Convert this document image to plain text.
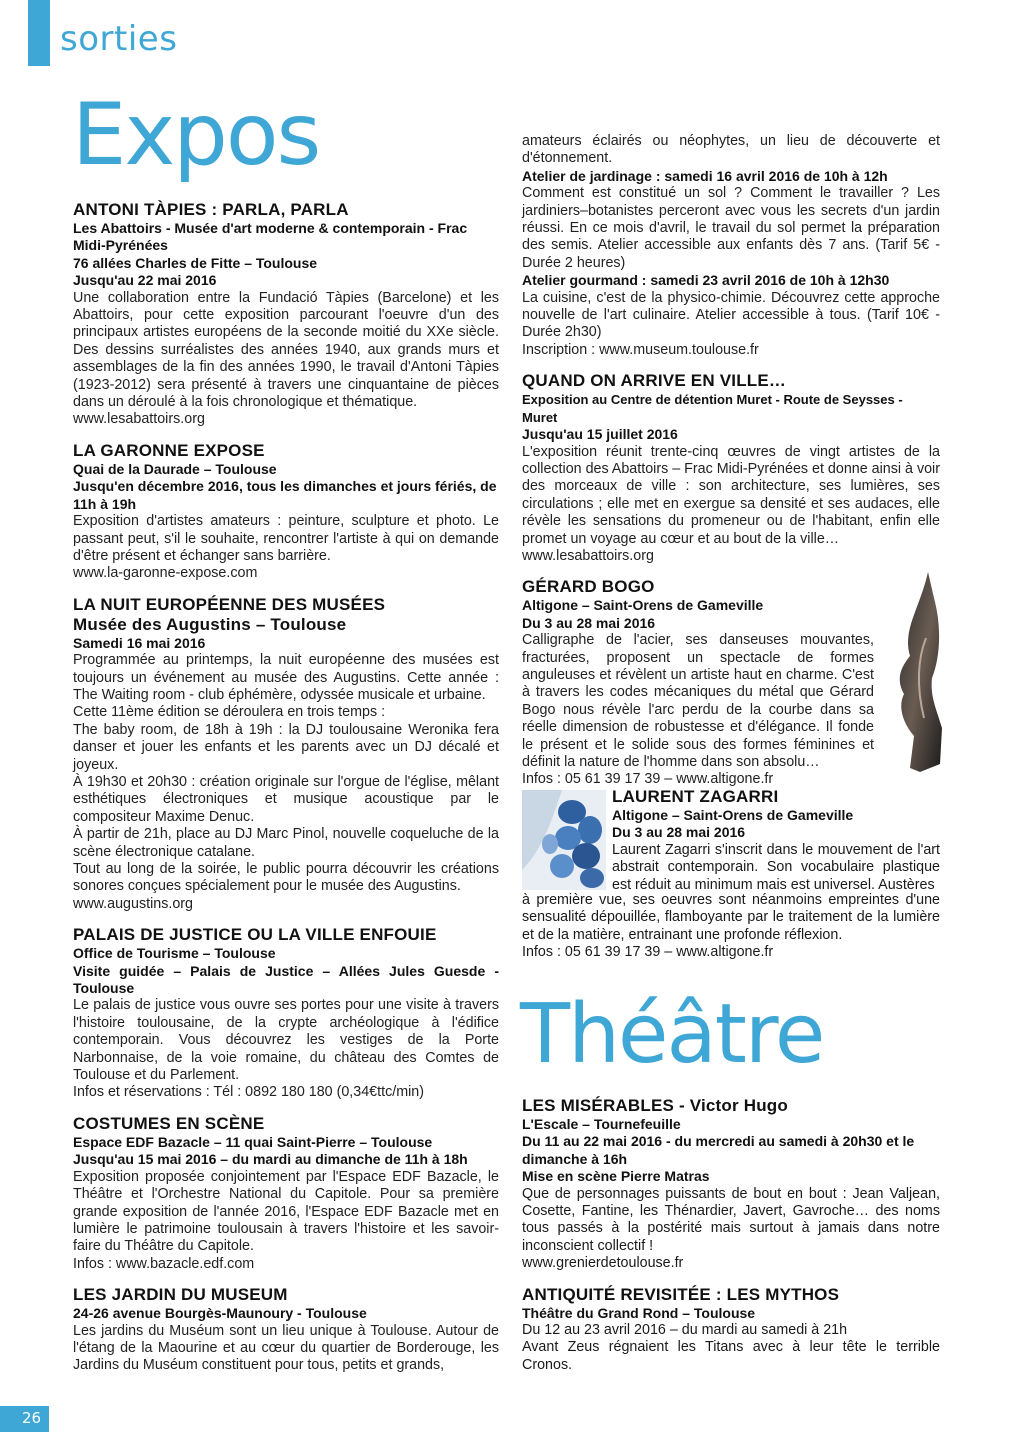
sorties
Expos
ANTONI TÀPIES : PARLA, PARLA
Les Abattoirs - Musée d'art moderne & contemporain - Frac Midi-Pyrénées
76 allées Charles de Fitte – Toulouse
Jusqu'au 22 mai 2016
Une collaboration entre la Fundació Tàpies (Barcelone) et les Abattoirs, pour cette exposition parcourant l'oeuvre d'un des principaux artistes européens de la seconde moitié du XXe siècle. Des dessins surréalistes des années 1940, aux grands murs et assemblages de la fin des années 1990, le travail d'Antoni Tàpies (1923-2012) sera présenté à travers une cinquantaine de pièces dans un déroulé à la fois chronologique et thématique.
www.lesabattoirs.org
LA GARONNE EXPOSE
Quai de la Daurade – Toulouse
Jusqu'en décembre 2016, tous les dimanches et jours fériés, de 11h à 19h
Exposition d'artistes amateurs : peinture, sculpture et photo. Le passant peut, s'il le souhaite, rencontrer l'artiste à qui on demande d'être présent et échanger sans barrière.
www.la-garonne-expose.com
LA NUIT EUROPÉENNE DES MUSÉES
Musée des Augustins – Toulouse
Samedi 16 mai 2016
Programmée au printemps, la nuit européenne des musées est toujours un événement au musée des Augustins. Cette année : The Waiting room - club éphémère, odyssée musicale et urbaine.
Cette 11ème édition se déroulera en trois temps :
The baby room, de 18h à 19h : la DJ toulousaine Weronika fera danser et jouer les enfants et les parents avec un DJ décalé et joyeux.
À 19h30 et 20h30 : création originale sur l'orgue de l'église, mêlant esthétiques électroniques et musique acoustique par le compositeur Maxime Denuc.
À partir de 21h, place au DJ Marc Pinol, nouvelle coqueluche de la scène électronique catalane.
Tout au long de la soirée, le public pourra découvrir les créations sonores conçues spécialement pour le musée des Augustins.
www.augustins.org
PALAIS DE JUSTICE OU LA VILLE ENFOUIE
Office de Tourisme – Toulouse
Visite guidée – Palais de Justice – Allées Jules Guesde - Toulouse
Le palais de justice vous ouvre ses portes pour une visite à travers l'histoire toulousaine, de la crypte archéologique à l'édifice contemporain. Vous découvrez les vestiges de la Porte Narbonnaise, de la voie romaine, du château des Comtes de Toulouse et du Parlement.
Infos et réservations : Tél : 0892 180 180 (0,34€ttc/min)
COSTUMES EN SCÈNE
Espace EDF Bazacle – 11 quai Saint-Pierre – Toulouse
Jusqu'au 15 mai 2016 – du mardi au dimanche de 11h à 18h
Exposition proposée conjointement par l'Espace EDF Bazacle, le Théâtre et l'Orchestre National du Capitole. Pour sa première grande exposition de l'année 2016, l'Espace EDF Bazacle met en lumière le patrimoine toulousain à travers l'histoire et les savoir-faire du Théâtre du Capitole.
Infos : www.bazacle.edf.com
LES JARDIN DU MUSEUM
24-26 avenue Bourgès-Maunoury - Toulouse
Les jardins du Muséum sont un lieu unique à Toulouse. Autour de l'étang de la Maourine et au cœur du quartier de Borderouge, les Jardins du Muséum constituent pour tous, petits et grands,
amateurs éclairés ou néophytes, un lieu de découverte et d'étonnement.
Atelier de jardinage : samedi 16 avril 2016 de 10h à 12h
Comment est constitué un sol ? Comment le travailler ? Les jardiniers–botanistes perceront avec vous les secrets d'un jardin réussi. En ce mois d'avril, le travail du sol permet la préparation des semis. Atelier accessible aux enfants dès 7 ans. (Tarif 5€ - Durée 2 heures)
Atelier gourmand : samedi 23 avril 2016 de 10h à 12h30
La cuisine, c'est de la physico-chimie. Découvrez cette approche nouvelle de l'art culinaire. Atelier accessible à tous. (Tarif 10€ - Durée 2h30)
Inscription : www.museum.toulouse.fr
QUAND ON ARRIVE EN VILLE…
Exposition au Centre de détention Muret - Route de Seysses - Muret
Jusqu'au 15 juillet 2016
L'exposition réunit trente-cinq œuvres de vingt artistes de la collection des Abattoirs – Frac Midi-Pyrénées et donne ainsi à voir des morceaux de ville : son architecture, ses lumières, ses circulations ; elle met en exergue sa densité et ses audaces, elle révèle les sensations du promeneur ou de l'habitant, enfin elle promet un voyage au cœur et au bout de la ville…
www.lesabattoirs.org
GÉRARD BOGO
Altigone – Saint-Orens de Gameville
Du 3 au 28 mai 2016
Calligraphe de l'acier, ses danseuses mouvantes, fracturées, proposent un spectacle de formes anguleuses et révèlent un artiste haut en charme. C'est à travers les codes mécaniques du métal que Gérard Bogo nous révèle l'arc perdu de la courbe dans sa réelle dimension de robustesse et d'élégance. Il fonde le présent et le solide sous des formes féminines et définit la nature de l'homme dans son absolu…
Infos : 05 61 39 17 39 – www.altigone.fr
LAURENT ZAGARRI
Altigone – Saint-Orens de Gameville
Du 3 au 28 mai 2016
Laurent Zagarri s'inscrit dans le mouvement de l'art abstrait contemporain. Son vocabulaire plastique est réduit au minimum mais est universel. Austères
à première vue, ses oeuvres sont néanmoins empreintes d'une sensualité dépouillée, flamboyante par le traitement de la lumière et de la matière, entrainant une profonde réflexion.
Infos : 05 61 39 17 39 – www.altigone.fr
Théâtre
LES MISÉRABLES - Victor Hugo
L'Escale – Tournefeuille
Du 11 au 22 mai 2016 - du mercredi au samedi à 20h30 et le dimanche à 16h
Mise en scène Pierre Matras
Que de personnages puissants de bout en bout : Jean Valjean, Cosette, Fantine, les Thénardier, Javert, Gavroche… des noms tous passés à la postérité mais surtout à jamais dans notre inconscient collectif !
www.grenierdetoulouse.fr
ANTIQUITÉ REVISITÉE : LES MYTHOS
Théâtre du Grand Rond – Toulouse
Du 12 au 23 avril 2016 – du mardi au samedi à 21h
Avant Zeus régnaient les Titans avec à leur tête le terrible Cronos.
26
